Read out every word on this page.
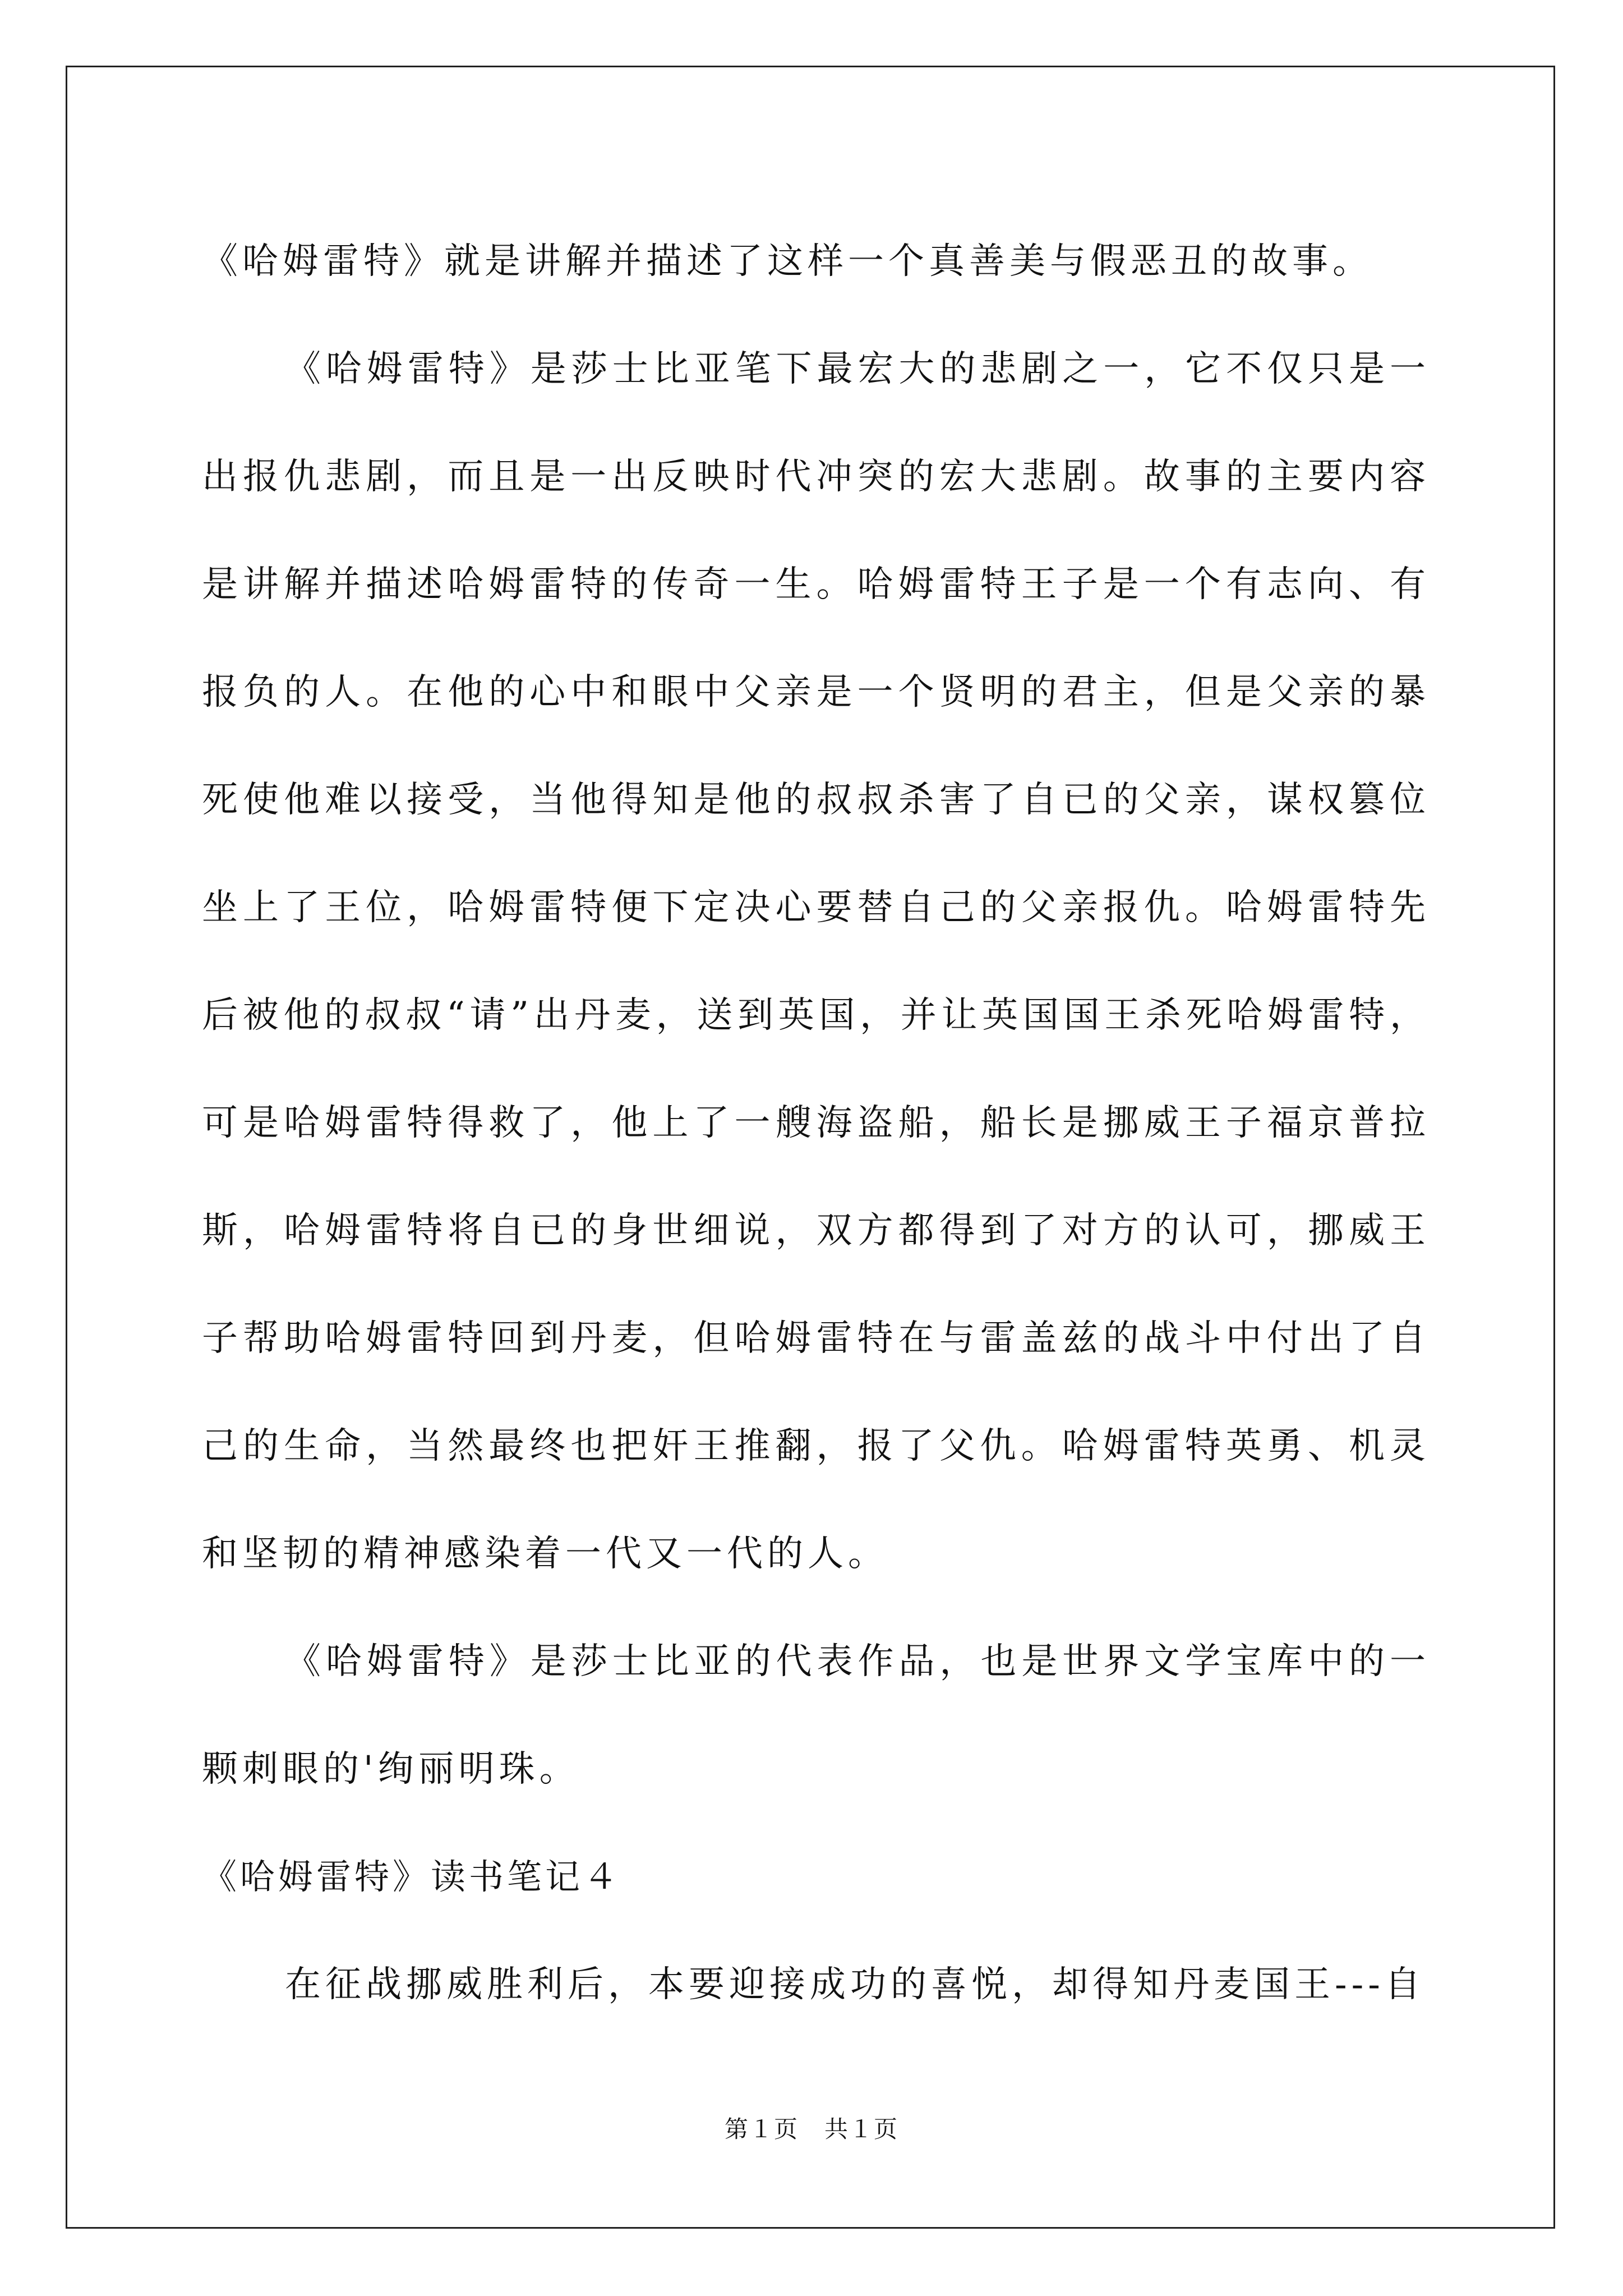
《哈姆雷特》就是讲解并描述了这样一个真善美与假恶丑的故事。

《哈姆雷特》是莎士比亚笔下最宏大的悲剧之一，它不仅只是一出报仇悲剧，而且是一出反映时代冲突的宏大悲剧。故事的主要内容是讲解并描述哈姆雷特的传奇一生。哈姆雷特王子是一个有志向、有报负的人。在他的心中和眼中父亲是一个贤明的君主，但是父亲的暴死使他难以接受，当他得知是他的叔叔杀害了自已的父亲，谋权篡位坐上了王位，哈姆雷特便下定决心要替自己的父亲报仇。哈姆雷特先后被他的叔叔“请”出丹麦，送到英国，并让英国国王杀死哈姆雷特，可是哈姆雷特得救了，他上了一艘海盗船，船长是挪威王子福京普拉斯，哈姆雷特将自已的身世细说，双方都得到了对方的认可，挪威王子帮助哈姆雷特回到丹麦，但哈姆雷特在与雷盖兹的战斗中付出了自己的生命，当然最终也把奸王推翻，报了父仇。哈姆雷特英勇、机灵和坚韧的精神感染着一代又一代的人。

《哈姆雷特》是莎士比亚的代表作品，也是世界文学宝库中的一颗刺眼的'绚丽明珠。

《哈姆雷特》读书笔记４

在征战挪威胜利后，本要迎接成功的喜悦，却得知丹麦国王---自

第１页 共１页
